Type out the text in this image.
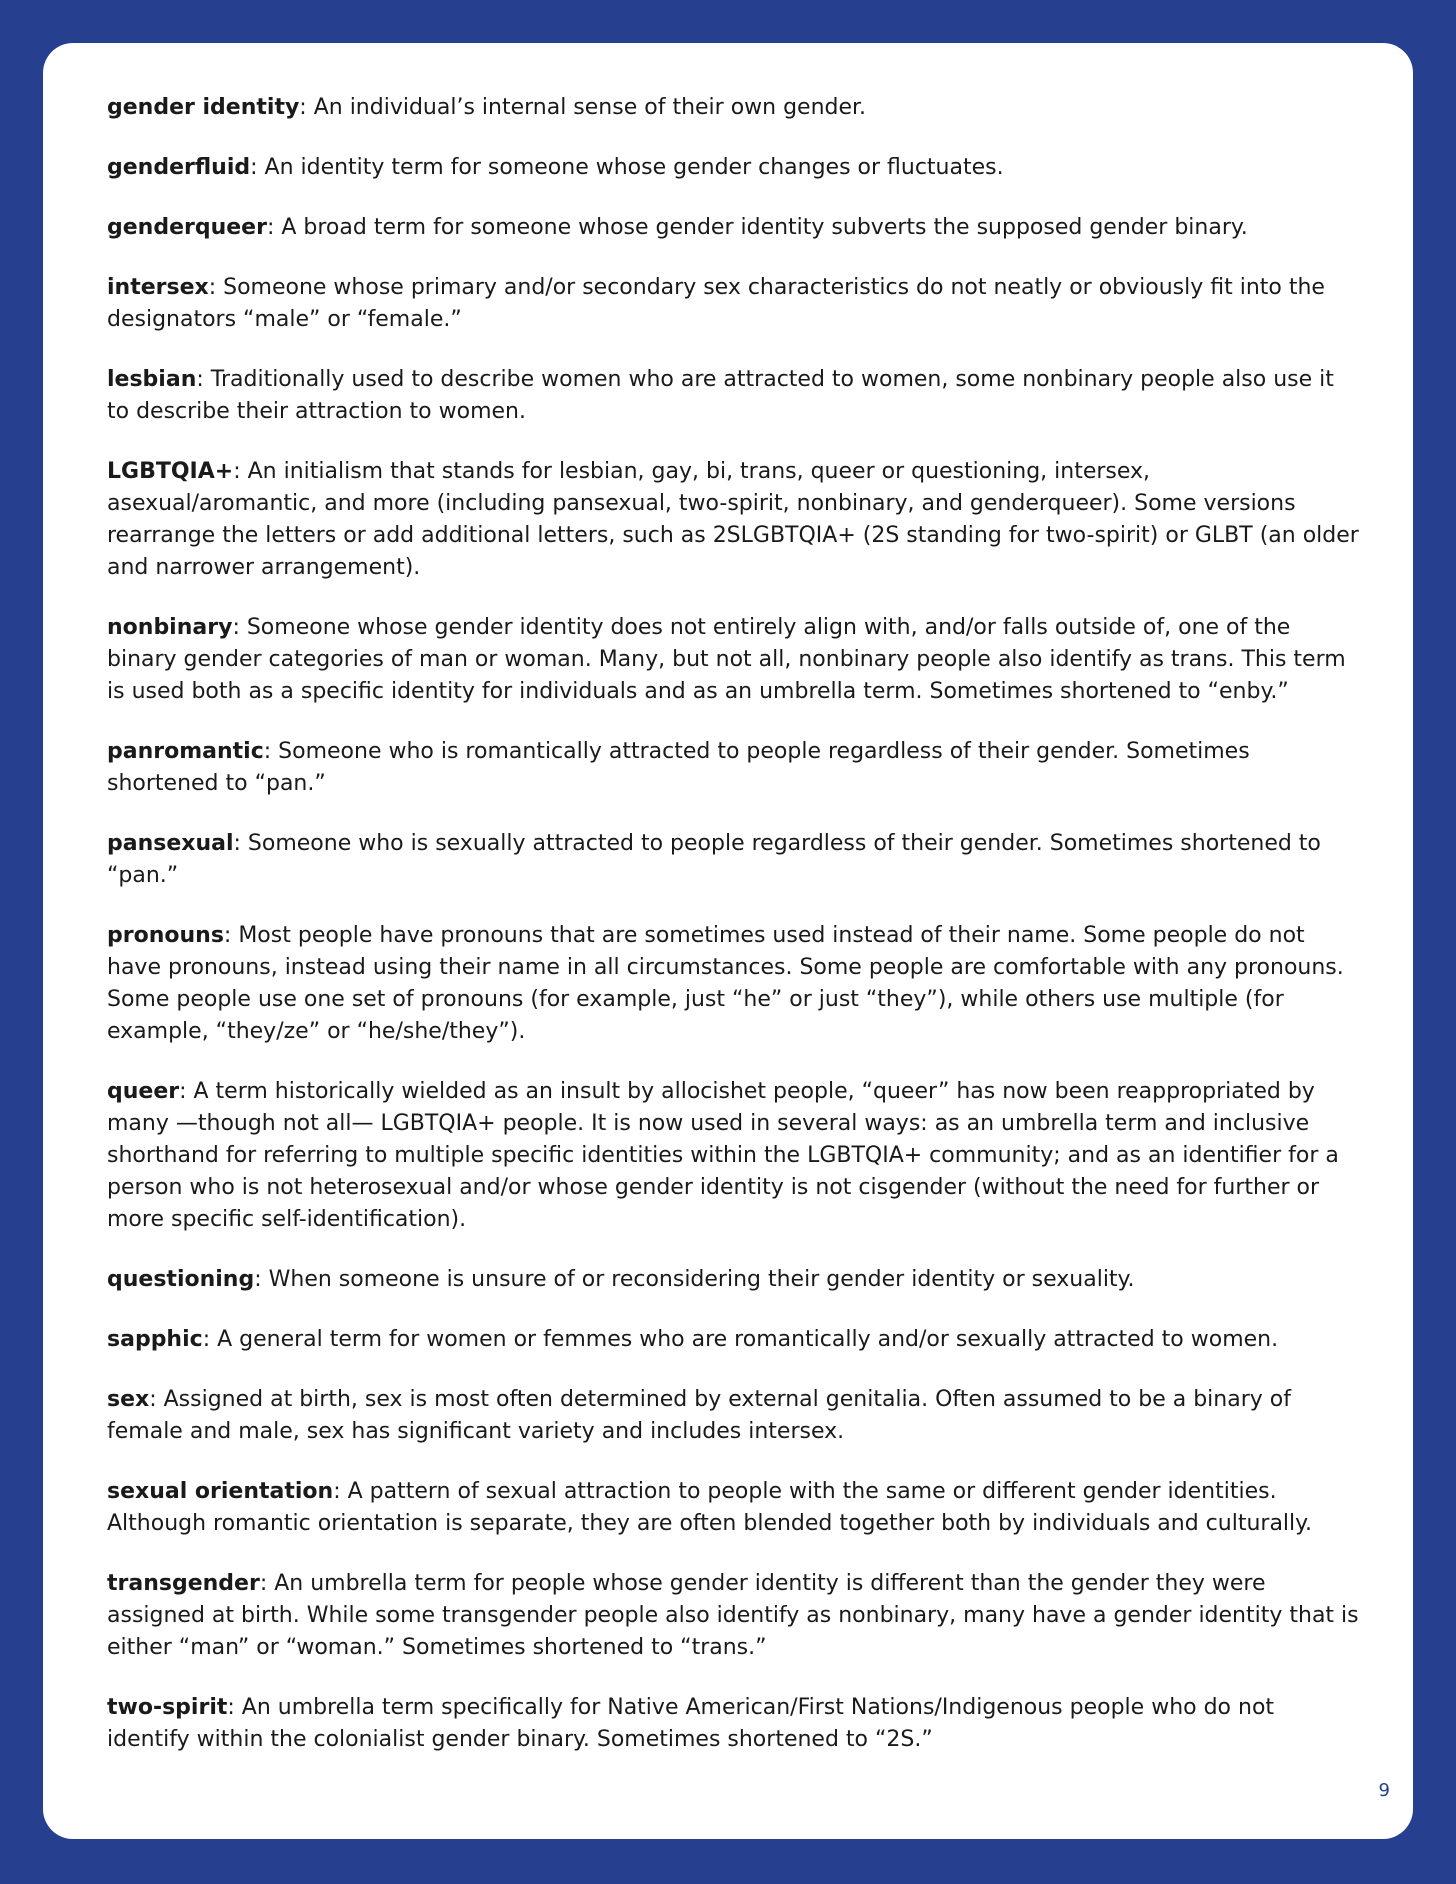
gender identity: An individual’s internal sense of their own gender.

genderfluid: An identity term for someone whose gender changes or fluctuates.

genderqueer: A broad term for someone whose gender identity subverts the supposed gender binary.

intersex: Someone whose primary and/or secondary sex characteristics do not neatly or obviously fit into the designators “male” or “female.”

lesbian: Traditionally used to describe women who are attracted to women, some nonbinary people also use it to describe their attraction to women.

LGBTQIA+: An initialism that stands for lesbian, gay, bi, trans, queer or questioning, intersex, asexual/aromantic, and more (including pansexual, two-spirit, nonbinary, and genderqueer). Some versions rearrange the letters or add additional letters, such as 2SLGBTQIA+ (2S standing for two-spirit) or GLBT (an older and narrower arrangement).

nonbinary: Someone whose gender identity does not entirely align with, and/or falls outside of, one of the binary gender categories of man or woman. Many, but not all, nonbinary people also identify as trans. This term is used both as a specific identity for individuals and as an umbrella term. Sometimes shortened to “enby.”

panromantic: Someone who is romantically attracted to people regardless of their gender. Sometimes shortened to “pan.”

pansexual: Someone who is sexually attracted to people regardless of their gender. Sometimes shortened to “pan.”

pronouns: Most people have pronouns that are sometimes used instead of their name. Some people do not have pronouns, instead using their name in all circumstances. Some people are comfortable with any pronouns. Some people use one set of pronouns (for example, just “he” or just “they”), while others use multiple (for example, “they/ze” or “he/she/they”).

queer: A term historically wielded as an insult by allocishet people, “queer” has now been reappropriated by many —though not all— LGBTQIA+ people. It is now used in several ways: as an umbrella term and inclusive shorthand for referring to multiple specific identities within the LGBTQIA+ community; and as an identifier for a person who is not heterosexual and/or whose gender identity is not cisgender (without the need for further or more specific self-identification).

questioning: When someone is unsure of or reconsidering their gender identity or sexuality.

sapphic: A general term for women or femmes who are romantically and/or sexually attracted to women.

sex: Assigned at birth, sex is most often determined by external genitalia. Often assumed to be a binary of female and male, sex has significant variety and includes intersex.

sexual orientation: A pattern of sexual attraction to people with the same or different gender identities. Although romantic orientation is separate, they are often blended together both by individuals and culturally.

transgender: An umbrella term for people whose gender identity is different than the gender they were assigned at birth. While some transgender people also identify as nonbinary, many have a gender identity that is either “man” or “woman.” Sometimes shortened to “trans.”

two-spirit: An umbrella term specifically for Native American/First Nations/Indigenous people who do not identify within the colonialist gender binary. Sometimes shortened to “2S.”

9
